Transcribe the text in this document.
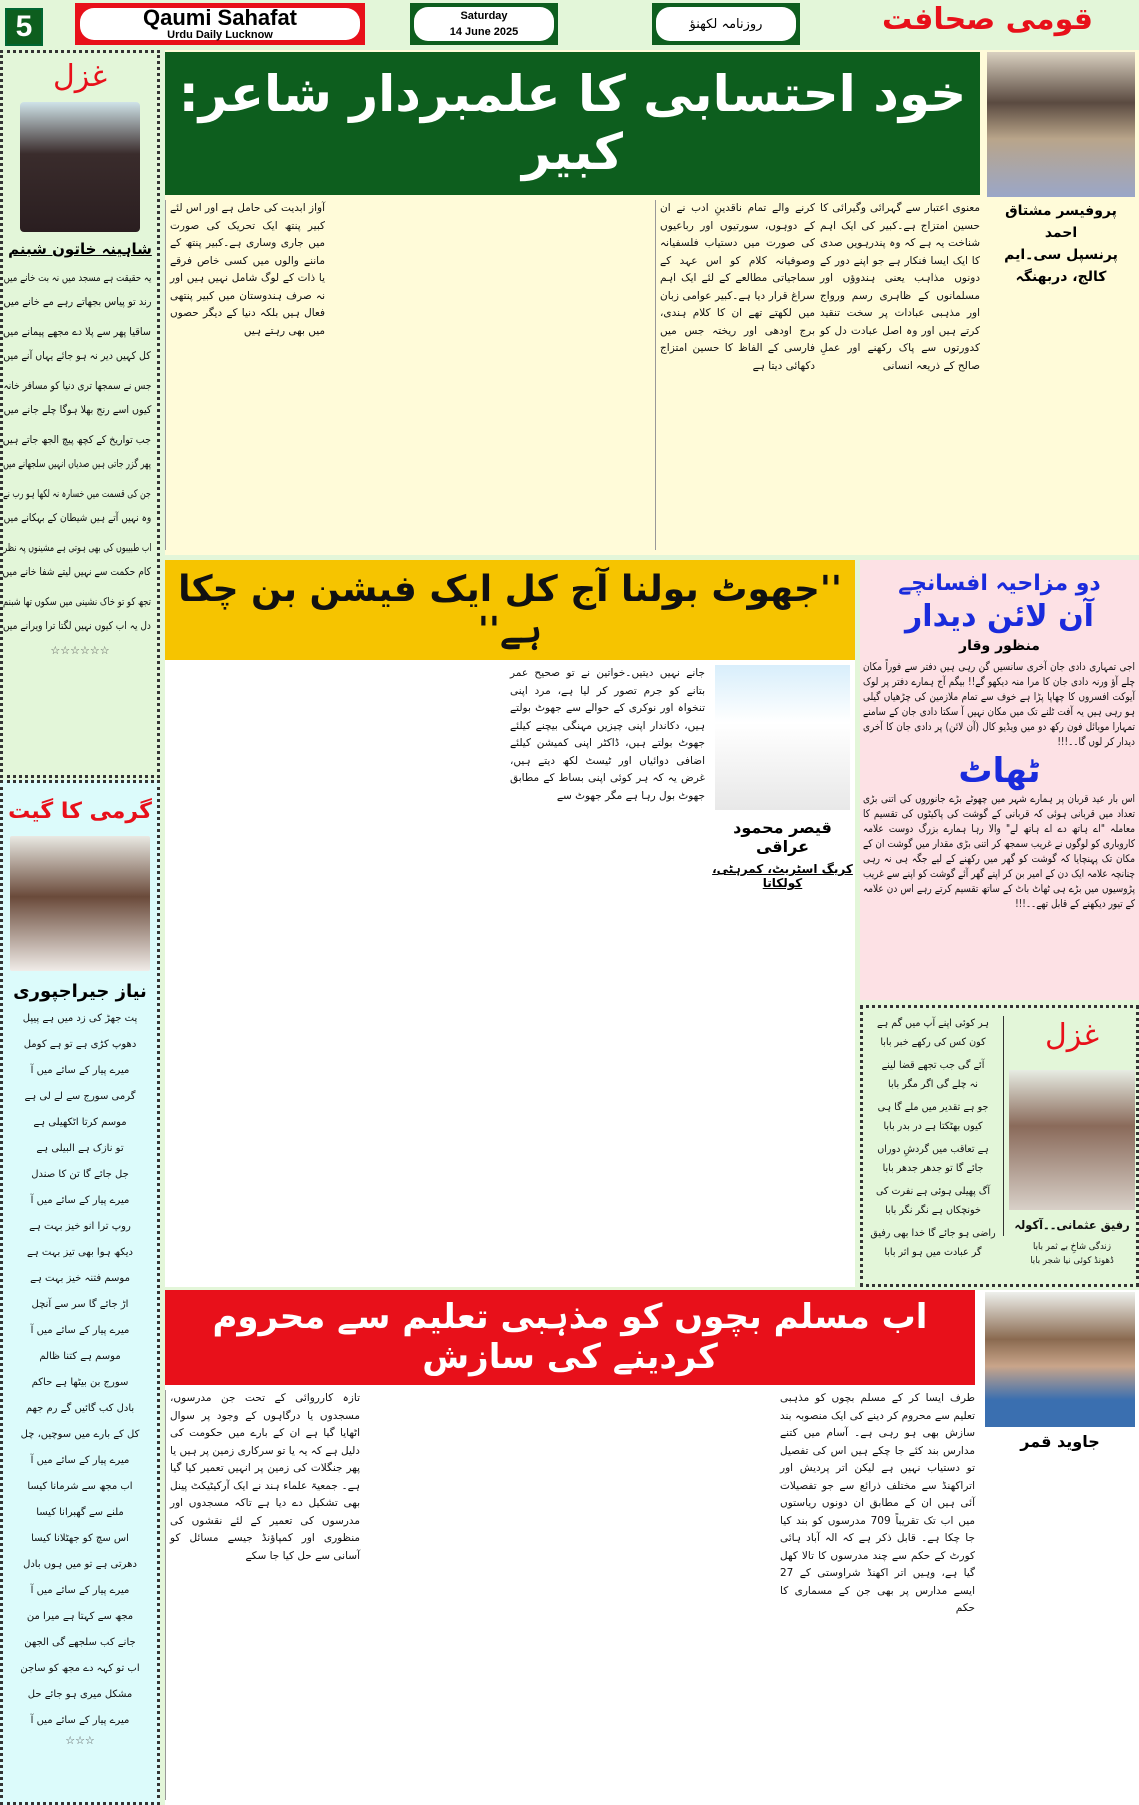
5	Qaumi Sahafat
Urdu Daily Lucknow
Saturday
14 June 2025
روزنامہ لکھنؤ	قومی صحافت
غزل
شاہینہ خاتون شبنم
یہ حقیقت ہے مسجد میں نہ بت خانے میں
رند تو پیاس بجھاتے رہے مے خانے میں
ساقیا پھر سے پلا دے مجھے پیمانے میں
کل کہیں دیر نہ ہو جائے یہاں آنے میں
جس نے سمجھا تری دنیا کو مسافر خانہ
کیوں اسے رنج بھلا ہوگا چلے جانے میں
جب تواریخ کے کچھ پیچ الجھ جاتے ہیں
پھر گزر جاتی ہیں صدیاں انہیں سلجھانے میں
جن کی قسمت میں خسارہ نہ لکھا ہو رب نے
وہ نہیں آتے ہیں شیطان کے بہکانے میں
اب طبیبوں کی بھی ہوتی ہے مشینوں پہ نظر
کام حکمت سے نہیں لیتے شفا خانے میں
تجھ کو تو خاک نشینی میں سکوں تھا شبنم
دل یہ اب کیوں نہیں لگتا ترا ویرانے میں
☆☆☆☆☆☆
گرمی کا گیت
نیاز جیراجپوری
پت جھڑ کی زد میں ہے پیپل
دھوپ کڑی ہے تو ہے کومل
میرے پیار کے سائے میں آ
گرمی سورج سے لے لی ہے
موسم کرتا اٹکھیلی ہے
تو نازک ہے البیلی ہے
جل جائے گا تن کا صندل
میرے پیار کے سائے میں آ
روپ ترا انو خیز بہت ہے
دیکھ ہوا بھی تیز بہت ہے
موسم فتنہ خیز بہت ہے
اڑ جائے گا سر سے آنچل
میرے پیار کے سائے میں آ
موسم ہے کتنا ظالم
سورج بن بیٹھا ہے حاکم
بادل کب گائیں گے رم جھم
کل کے بارے میں سوچیں، چل
میرے پیار کے سائے میں آ
اب مجھ سے شرمانا کیسا
ملنے سے گھبرانا کیسا
اس سچ کو جھٹلانا کیسا
دھرتی ہے تو میں ہوں بادل
میرے پیار کے سائے میں آ
مجھ سے کہتا ہے میرا من
جانے کب سلجھے گی الجھن
اب تو کہہ دے مجھ کو ساجن
مشکل میری ہو جائے حل
میرے پیار کے سائے میں آ
☆☆☆
خود احتسابی کا علمبردار شاعر: کبیر
پروفیسر مشتاق احمد
پرنسپل سی۔ایم کالج، دربھنگہ
معنوی اعتبار سے گہرائی وگیرائی کا حسین امتزاج ہے۔کبیر کی ایک اہم شناخت یہ ہے کہ وہ پندرہویں صدی کا ایک ایسا فنکار ہے جو اپنے دور کے دونوں مذاہب یعنی ہندوؤں اور مسلمانوں کے ظاہری رسم ورواج اور مذہبی عبادات پر سخت تنقید کرتے ہیں اور وہ اصل عبادت دل کو کدورتوں سے پاک رکھنے اور عملِ صالح کے ذریعہ انسانی
کرنے والے تمام ناقدینِ ادب نے ان کے دوہوں، سورتیوں اور رباعیوں کی صورت میں دستیاب فلسفیانہ وصوفیانہ کلام کو اس عہد کے سماجیاتی مطالعے کے لئے ایک اہم سراغ قرار دیا ہے۔کبیر عوامی زبان میں لکھتے تھے ان کا کلام ہندی، برج اودھی اور ریختہ جس میں فارسی کے الفاظ کا حسین امتزاج دکھائی دیتا ہے
آواز ابدیت کی حامل ہے اور اس لئے کبیر پنتھ ایک تحریک کی صورت میں جاری وساری ہے۔کبیر پنتھ کے ماننے والوں میں کسی خاص فرقے یا ذات کے لوگ شامل نہیں ہیں اور نہ صرف ہندوستان میں کبیر پنتھی فعال ہیں بلکہ دنیا کے دیگر حصوں میں بھی رہتے ہیں
''جھوٹ بولنا آج کل ایک فیشن بن چکا ہے''
قیصر محمود عراقی
کریگ اسٹریٹ، کمرہٹی، کولکاتا
جانے نہیں دیتیں۔خواتین نے تو صحیح عمر بتانے کو جرم تصور کر لیا ہے، مرد اپنی تنخواہ اور نوکری کے حوالے سے جھوٹ بولتے ہیں، دکاندار اپنی چیزیں مہنگی بیچنے کیلئے جھوٹ بولتے ہیں، ڈاکٹر اپنی کمیشن کیلئے اضافی دوائیاں اور ٹیسٹ لکھ دیتے ہیں، غرض یہ کہ ہر کوئی اپنی بساط کے مطابق جھوٹ بول رہا ہے مگر جھوٹ سے
دو مزاحیہ افسانچے
آن لائن دیدار
منظور وقار
اجی تمہاری دادی جان آخری سانسیں گن رہی ہیں دفتر سے فوراً مکان چلے آؤ ورنہ دادی جان کا مرا منہ دیکھو گے!! بیگم آج ہمارے دفتر پر لوک آیوکت افسروں کا چھاپا پڑا ہے خوف سے تمام ملازمین کی چڑھیاں گیلی ہو رہی ہیں یہ آفت ٹلنے تک میں مکان نہیں آ سکتا دادی جان کے سامنے تمہارا موبائل فون رکھ دو میں ویڈیو کال (آن لائن) پر دادی جان کا آخری دیدار کر لوں گا۔۔!!!
ٹھاٹ
اس بار عید قربان پر ہمارے شہر میں چھوٹے بڑے جانوروں کی اتنی بڑی تعداد میں قربانی ہوئی کہ قربانی کے گوشت کی پاکیٹوں کی تقسیم کا معاملہ "اے ہاتھ دے اے ہاتھ لے" والا رہا ہمارے بزرگ دوست علامہ کاروباری کو لوگوں نے غریب سمجھ کر اتنی بڑی مقدار میں گوشت ان کے مکان تک پہنچایا کہ گوشت کو گھر میں رکھنے کے لیے جگہ ہی نہ رہی چنانچہ علامہ ایک دن کے امیر بن کر اپنے گھر آئے گوشت کو اپنے سے غریب پڑوسیوں میں بڑے ہی ٹھاٹ باٹ کے ساتھ تقسیم کرتے رہے اس دن علامہ کے تیور دیکھنے کے قابل تھے۔۔!!!
غزل
رفیق عثمانی۔۔آکولہ
زندگی شاخِ بے ثمر بابا
ڈھونڈ کوئی نیا شجر بابا
ہر کوئی اپنے آپ میں گم ہے
کون کس کی رکھے خبر بابا
آئے گی جب تجھے قضا لینے
نہ چلے گی اگر مگر بابا
جو ہے تقدیر میں ملے گا ہی
کیوں بھٹکتا ہے در بدر بابا
ہے تعاقب میں گردشِ دوراں
جائے گا تو جدھر جدھر بابا
آگ پھیلی ہوئی ہے نفرت کی
خونچکاں ہے نگر نگر بابا
راضی ہو جائے گا خدا بھی رفیق
گر عبادت میں ہو اثر بابا
اب مسلم بچوں کو مذہبی تعلیم سے محروم کردینے کی سازش
جاوید قمر
طرف ایسا کر کے مسلم بچوں کو مذہبی تعلیم سے محروم کر دینے کی ایک منصوبہ بند سازش بھی ہو رہی ہے۔ آسام میں کتنے مدارس بند کئے جا چکے ہیں اس کی تفصیل تو دستیاب نہیں ہے لیکن اتر پردیش اور اتراکھنڈ سے مختلف ذرائع سے جو تفصیلات آئی ہیں ان کے مطابق ان دونوں ریاستوں میں اب تک تقریباً 709 مدرسوں کو بند کیا جا چکا ہے۔ قابل ذکر ہے کہ الہ آباد ہائی کورٹ کے حکم سے چند مدرسوں کا تالا کھل گیا ہے، وہیں اتر اکھنڈ شراوستی کے 27 ایسے مدارس پر بھی جن کے مسماری کا حکم
تازہ کارروائی کے تحت جن مدرسوں، مسجدوں یا درگاہوں کے وجود پر سوال اٹھایا گیا ہے ان کے بارے میں حکومت کی دلیل ہے کہ یہ یا تو سرکاری زمین پر ہیں یا پھر جنگلات کی زمین پر انہیں تعمیر کیا گیا ہے۔ جمعیۃ علماء ہند نے ایک آرکیٹیکٹ پینل بھی تشکیل دے دیا ہے تاکہ مسجدوں اور مدرسوں کی تعمیر کے لئے نقشوں کی منظوری اور کمپاؤنڈ جیسے مسائل کو آسانی سے حل کیا جا سکے
